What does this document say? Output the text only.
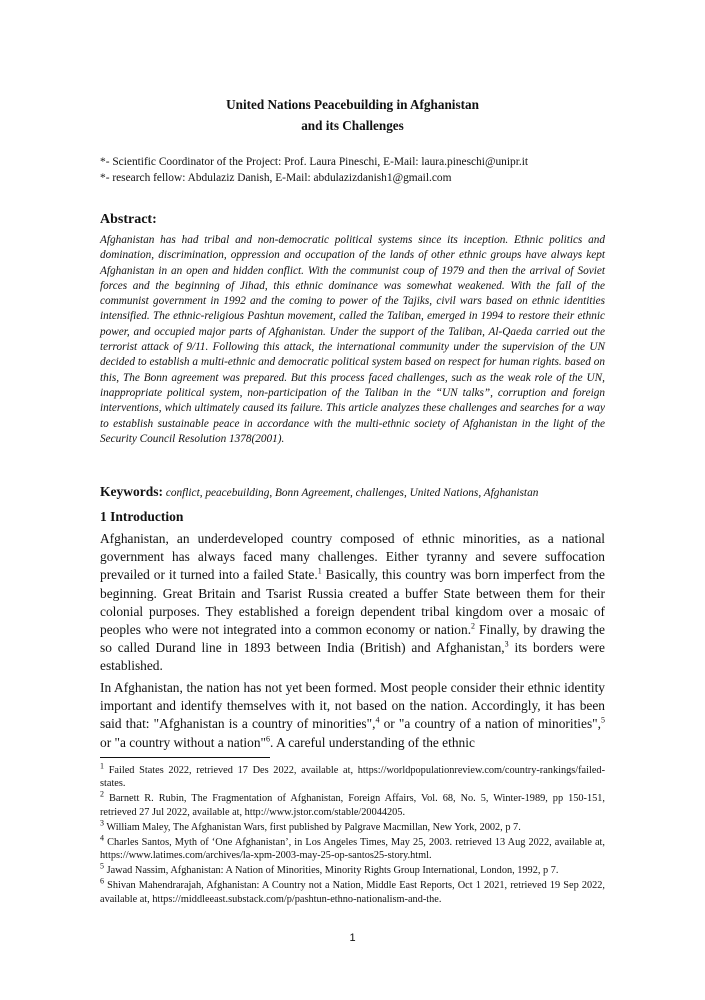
United Nations Peacebuilding in Afghanistan
and its Challenges
*- Scientific Coordinator of the Project: Prof. Laura Pineschi, E-Mail: laura.pineschi@unipr.it
*- research fellow: Abdulaziz Danish, E-Mail: abdulazizdanish1@gmail.com
Abstract:
Afghanistan has had tribal and non-democratic political systems since its inception. Ethnic politics and domination, discrimination, oppression and occupation of the lands of other ethnic groups have always kept Afghanistan in an open and hidden conflict. With the communist coup of 1979 and then the arrival of Soviet forces and the beginning of Jihad, this ethnic dominance was somewhat weakened. With the fall of the communist government in 1992 and the coming to power of the Tajiks, civil wars based on ethnic identities intensified. The ethnic-religious Pashtun movement, called the Taliban, emerged in 1994 to restore their ethnic power, and occupied major parts of Afghanistan. Under the support of the Taliban, Al-Qaeda carried out the terrorist attack of 9/11. Following this attack, the international community under the supervision of the UN decided to establish a multi-ethnic and democratic political system based on respect for human rights. based on this, The Bonn agreement was prepared. But this process faced challenges, such as the weak role of the UN, inappropriate political system, non-participation of the Taliban in the “UN talks”, corruption and foreign interventions, which ultimately caused its failure. This article analyzes these challenges and searches for a way to establish sustainable peace in accordance with the multi-ethnic society of Afghanistan in the light of the Security Council Resolution 1378(2001).
Keywords: conflict, peacebuilding, Bonn Agreement, challenges, United Nations, Afghanistan
1 Introduction
Afghanistan, an underdeveloped country composed of ethnic minorities, as a national government has always faced many challenges. Either tyranny and severe suffocation prevailed or it turned into a failed State.$^1$ Basically, this country was born imperfect from the beginning. Great Britain and Tsarist Russia created a buffer State between them for their colonial purposes. They established a foreign dependent tribal kingdom over a mosaic of peoples who were not integrated into a common economy or nation.$^2$ Finally, by drawing the so called Durand line in 1893 between India (British) and Afghanistan,$^3$ its borders were established.
In Afghanistan, the nation has not yet been formed. Most people consider their ethnic identity important and identify themselves with it, not based on the nation. Accordingly, it has been said that: "Afghanistan is a country of minorities",$^4$ or "a country of a nation of minorities",$^5$ or "a country without a nation"$^6$. A careful understanding of the ethnic
$^1$ Failed States 2022, retrieved 17 Des 2022, available at, https://worldpopulationreview.com/country-rankings/failed-states.
$^2$ Barnett R. Rubin, The Fragmentation of Afghanistan, Foreign Affairs, Vol. 68, No. 5, Winter-1989, pp 150-151, retrieved 27 Jul 2022, available at, http://www.jstor.com/stable/20044205.
$^3$ William Maley, The Afghanistan Wars, first published by Palgrave Macmillan, New York, 2002, p 7.
$^4$ Charles Santos, Myth of ‘One Afghanistan’, in Los Angeles Times, May 25, 2003. retrieved 13 Aug 2022, available at, https://www.latimes.com/archives/la-xpm-2003-may-25-op-santos25-story.html.
$^5$ Jawad Nassim, Afghanistan: A Nation of Minorities, Minority Rights Group International, London, 1992, p 7.
$^6$ Shivan Mahendrarajah, Afghanistan: A Country not a Nation, Middle East Reports, Oct 1 2021, retrieved 19 Sep 2022, available at, https://middleeast.substack.com/p/pashtun-ethno-nationalism-and-the.
1
